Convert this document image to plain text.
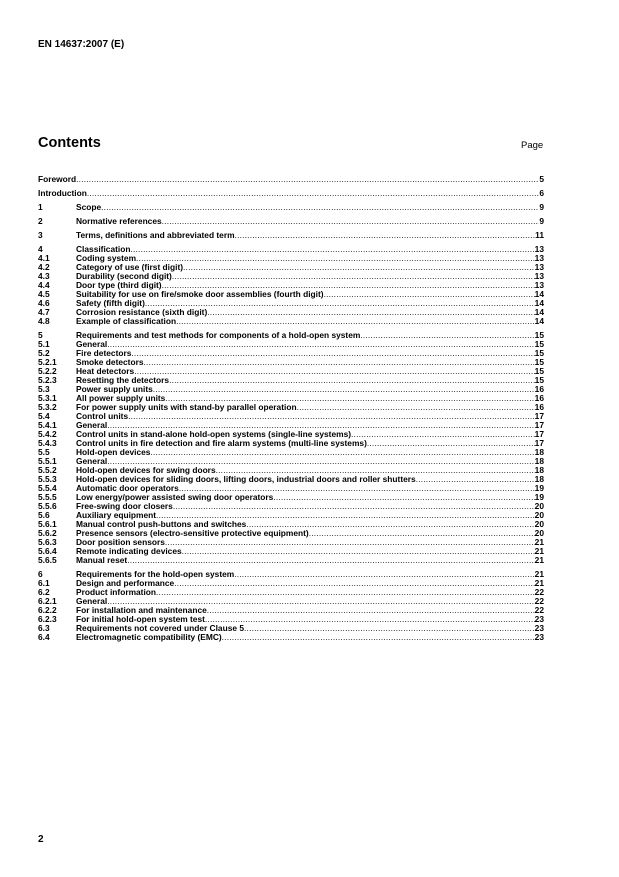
EN 14637:2007 (E)
Contents	Page
Foreword .....	5
Introduction .....	6
1	Scope .....	9
2	Normative references .....	9
3	Terms, definitions and abbreviated term .....	11
4	Classification .....	13
4.1	Coding system .....	13
4.2	Category of use (first digit) .....	13
4.3	Durability (second digit) .....	13
4.4	Door type (third digit) .....	13
4.5	Suitability for use on fire/smoke door assemblies (fourth digit) .....	14
4.6	Safety (fifth digit) .....	14
4.7	Corrosion resistance (sixth digit) .....	14
4.8	Example of classification .....	14
5	Requirements and test methods for components of a hold-open system .....	15
5.1	General .....	15
5.2	Fire detectors .....	15
5.2.1	Smoke detectors .....	15
5.2.2	Heat detectors .....	15
5.2.3	Resetting the detectors .....	15
5.3	Power supply units .....	16
5.3.1	All power supply units .....	16
5.3.2	For power supply units with stand-by parallel operation .....	16
5.4	Control units .....	17
5.4.1	General .....	17
5.4.2	Control units in stand-alone hold-open systems (single-line systems) .....	17
5.4.3	Control units in fire detection and fire alarm systems (multi-line systems) .....	17
5.5	Hold-open devices .....	18
5.5.1	General .....	18
5.5.2	Hold-open devices for swing doors .....	18
5.5.3	Hold-open devices for sliding doors, lifting doors, industrial doors and roller shutters .....	18
5.5.4	Automatic door operators .....	19
5.5.5	Low energy/power assisted swing door operators .....	19
5.5.6	Free-swing door closers .....	20
5.6	Auxiliary equipment .....	20
5.6.1	Manual control push-buttons and switches .....	20
5.6.2	Presence sensors (electro-sensitive protective equipment) .....	20
5.6.3	Door position sensors .....	21
5.6.4	Remote indicating devices .....	21
5.6.5	Manual reset .....	21
6	Requirements for the hold-open system .....	21
6.1	Design and performance .....	21
6.2	Product information .....	22
6.2.1	General .....	22
6.2.2	For installation and maintenance .....	22
6.2.3	For initial hold-open system test .....	23
6.3	Requirements not covered under Clause 5 .....	23
6.4	Electromagnetic compatibility (EMC) .....	23
2
